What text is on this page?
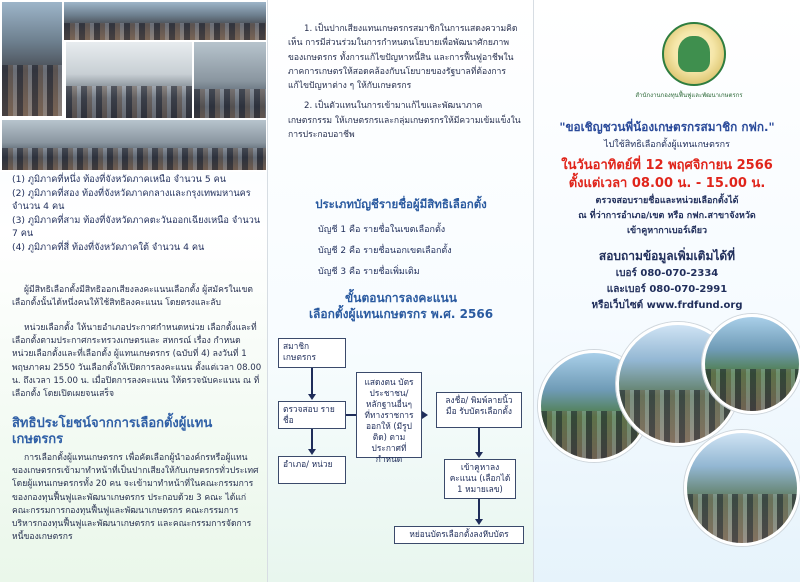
(1) ภูมิภาคที่หนึ่ง ท้องที่จังหวัดภาคเหนือ จำนวน 5 คน
(2) ภูมิภาคที่สอง ท้องที่จังหวัดภาคกลางและกรุงเทพมหานคร จำนวน 4 คน
(3) ภูมิภาคที่สาม ท้องที่จังหวัดภาคตะวันออกเฉียงเหนือ จำนวน 7 คน
(4) ภูมิภาคที่สี่ ท้องที่จังหวัดภาคใต้ จำนวน 4 คน

ผู้มีสิทธิเลือกตั้งมีสิทธิออกเสียงลงคะแนนเลือกตั้ง ผู้สมัครในเขตเลือกตั้งนั้นได้หนึ่งคนให้ใช้สิทธิลงคะแนน โดยตรงและลับ

หน่วยเลือกตั้ง ให้นายอำเภอประกาศกำหนดหน่วย เลือกตั้งและที่เลือกตั้งตามประกาศกระทรวงเกษตรและ สหกรณ์ เรื่อง กำหนดหน่วยเลือกตั้งและที่เลือกตั้ง ผู้แทนเกษตรกร (ฉบับที่ 4) ลงวันที่ 1 พฤษภาคม 2550 วันเลือกตั้งให้เปิดการลงคะแนน ตั้งแต่เวลา 08.00 น. ถึงเวลา 15.00 น. เมื่อปิดการลงคะแนน ให้ตรวจนับคะแนน ณ ที่เลือกตั้ง โดยเปิดเผยจนเสร็จ

สิทธิประโยชน์จากการเลือกตั้งผู้แทนเกษตรกร

การเลือกตั้งผู้แทนเกษตรกร เพื่อคัดเลือกผู้นำองค์กรหรือผู้แทนของเกษตรกรเข้ามาทำหน้าที่เป็นปากเสียงให้กับเกษตรกรทั่วประเทศ โดยผู้แทนเกษตรกรทั้ง 20 คน จะเข้ามาทำหน้าที่ในคณะกรรมการของกองทุนฟื้นฟูและพัฒนาเกษตรกร ประกอบด้วย 3 คณะ ได้แก่ คณะกรรมการกองทุนฟื้นฟูและพัฒนาเกษตรกร คณะกรรมการบริหารกองทุนฟื้นฟูและพัฒนาเกษตรกร และคณะกรรมการจัดการหนี้ของเกษตรกร

1. เป็นปากเสียงแทนเกษตรกรสมาชิกในการแสดงความคิดเห็น การมีส่วนร่วมในการกำหนดนโยบายเพื่อพัฒนาศักยภาพของเกษตรกร ทั้งการแก้ไขปัญหาหนี้สิน และการฟื้นฟูอาชีพในภาคการเกษตรให้สอดคล้องกับนโยบายของรัฐบาลที่ต้องการแก้ไขปัญหาต่าง ๆ ให้กับเกษตรกร

2. เป็นตัวแทนในการเข้ามาแก้ไขและพัฒนาภาคเกษตรกรรม ให้เกษตรกรและกลุ่มเกษตรกรให้มีความเข้มแข็งในการประกอบอาชีพ

ประเภทบัญชีรายชื่อผู้มีสิทธิเลือกตั้ง
บัญชี 1 คือ รายชื่อในเขตเลือกตั้ง
บัญชี 2 คือ รายชื่อนอกเขตเลือกตั้ง
บัญชี 3 คือ รายชื่อเพิ่มเติม
ขั้นตอนการลงคะแนน
เลือกตั้งผู้แทนเกษตรกร พ.ศ. 2566
สมาชิก เกษตรกร
ตรวจสอบ รายชื่อ
อำเภอ/ หน่วย
แสดงตน บัตรประชาชน/ หลักฐานอื่นๆ ที่ทางราชการออกให้ (มีรูปติด) ตามประกาศที่กำหนด
ลงชื่อ/ พิมพ์ลายนิ้วมือ รับบัตรเลือกตั้ง
เข้าคูหาลงคะแนน (เลือกได้ 1 หมายเลข)
หย่อนบัตรเลือกตั้งลงหีบบัตร
สำนักงานกองทุนฟื้นฟูและพัฒนาเกษตรกร
"ขอเชิญชวนพี่น้องเกษตรกรสมาชิก กฟก."
ไปใช้สิทธิเลือกตั้งผู้แทนเกษตรกร
ในวันอาทิตย์ที่ 12 พฤศจิกายน 2566
ตั้งแต่เวลา 08.00 น. - 15.00 น.
ตรวจสอบรายชื่อและหน่วยเลือกตั้งได้
ณ ที่ว่าการอำเภอ/เขต หรือ กฟก.สาขาจังหวัด
เข้าคูหากาเบอร์เดียว
สอบถามข้อมูลเพิ่มเติมได้ที่
เบอร์ 080-070-2334
และเบอร์ 080-070-2991
หรือเว็บไซต์ www.frdfund.org
